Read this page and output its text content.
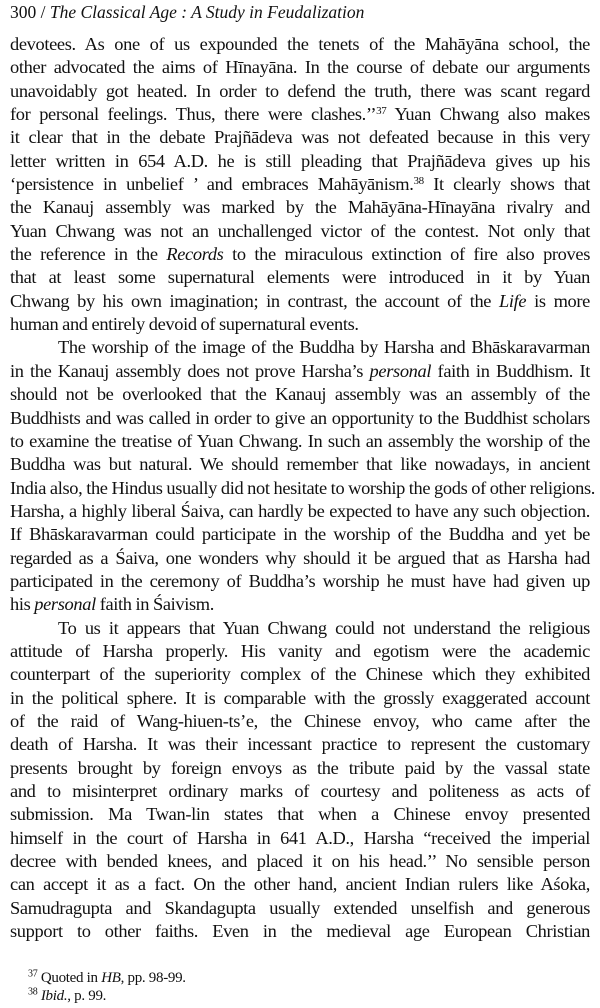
300 / The Classical Age : A Study in Feudalization
devotees. As one of us expounded the tenets of the Mahāyāna school, the
other advocated the aims of Hīnayāna. In the course of debate our arguments
unavoidably got heated. In order to defend the truth, there was scant regard
for personal feelings. Thus, there were clashes.’’$^{37}$ Yuan Chwang also makes
it clear that in the debate Prajñādeva was not defeated because in this very
letter written in 654 A.D. he is still pleading that Prajñādeva gives up his
‘persistence in unbelief ’ and embraces Mahāyānism.$^{38}$ It clearly shows that
the Kanauj assembly was marked by the Mahāyāna-Hīnayāna rivalry and
Yuan Chwang was not an unchallenged victor of the contest. Not only that
the reference in the Records to the miraculous extinction of fire also proves
that at least some supernatural elements were introduced in it by Yuan
Chwang by his own imagination; in contrast, the account of the Life is more
human and entirely devoid of supernatural events.
The worship of the image of the Buddha by Harsha and Bhāskaravarman
in the Kanauj assembly does not prove Harsha’s personal faith in Buddhism. It
should not be overlooked that the Kanauj assembly was an assembly of the
Buddhists and was called in order to give an opportunity to the Buddhist scholars
to examine the treatise of Yuan Chwang. In such an assembly the worship of the
Buddha was but natural. We should remember that like nowadays, in ancient
India also, the Hindus usually did not hesitate to worship the gods of other religions.
Harsha, a highly liberal Śaiva, can hardly be expected to have any such objection.
If Bhāskaravarman could participate in the worship of the Buddha and yet be
regarded as a Śaiva, one wonders why should it be argued that as Harsha had
participated in the ceremony of Buddha’s worship he must have had given up
his personal faith in Śaivism.
To us it appears that Yuan Chwang could not understand the religious
attitude of Harsha properly. His vanity and egotism were the academic
counterpart of the superiority complex of the Chinese which they exhibited
in the political sphere. It is comparable with the grossly exaggerated account
of the raid of Wang-hiuen-ts’e, the Chinese envoy, who came after the
death of Harsha. It was their incessant practice to represent the customary
presents brought by foreign envoys as the tribute paid by the vassal state
and to misinterpret ordinary marks of courtesy and politeness as acts of
submission. Ma Twan-lin states that when a Chinese envoy presented
himself in the court of Harsha in 641 A.D., Harsha “received the imperial
decree with bended knees, and placed it on his head.’’ No sensible person
can accept it as a fact. On the other hand, ancient Indian rulers like Aśoka,
Samudragupta and Skandagupta usually extended unselfish and generous
support to other faiths. Even in the medieval age European Christian
$^{37}$ Quoted in HB, pp. 98-99.
$^{38}$ Ibid., p. 99.
